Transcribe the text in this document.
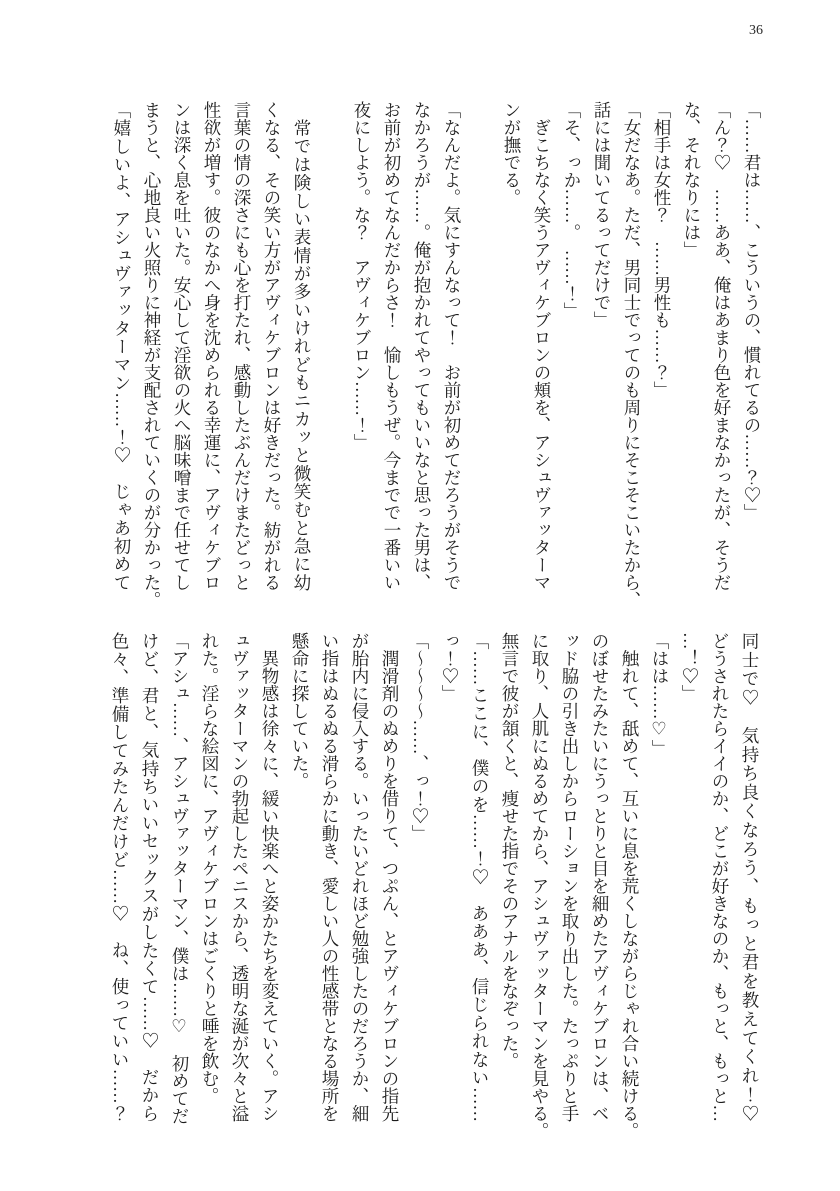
36
「……君は……、こういうの、慣れてるの……？♡」
「ん？♡　……ああ、俺はあまり色を好まなかったが、そうだ
な、それなりには」
「相手は女性？　……男性も……？」
「女だなあ。ただ、男同士でってのも周りにそこそこいたから、
話には聞いてるってだけで」
「そ、っか……。　……！」
　ぎこちなく笑うアヴィケブロンの頬を、アシュヴァッターマ
ンが撫でる。
「なんだよ。気にすんなって！　お前が初めてだろうがそうで
なかろうが……。俺が抱かれてやってもいいなと思った男は、
お前が初めてなんだからさ！　愉しもうぜ。今までで一番いい
夜にしよう。な？　アヴィケブロン……！」
　常では険しい表情が多いけれどもニカッと微笑むと急に幼
くなる、その笑い方がアヴィケブロンは好きだった。紡がれる
言葉の情の深さにも心を打たれ、感動したぶんだけまたどっと
性欲が増す。彼のなかへ身を沈められる幸運に、アヴィケブロ
ンは深く息を吐いた。安心して淫欲の火へ脳味噌まで任せてし
まうと、心地良い火照りに神経が支配されていくのが分かった。
「嬉しいよ、アシュヴァッターマン……！♡　じゃあ初めて
同士で♡　気持ち良くなろう、もっと君を教えてくれ！♡
どうされたらイイのか、どこが好きなのか、もっと、もっと…
…！♡」
「はは……♡」
　触れて、舐めて、互いに息を荒くしながらじゃれ合い続ける。
のぼせたみたいにうっとりと目を細めたアヴィケブロンは、ベ
ッド脇の引き出しからローションを取り出した。たっぷりと手
に取り、人肌にぬるめてから、アシュヴァッターマンを見やる。
無言で彼が頷くと、痩せた指でそのアナルをなぞった。
「……ここに、僕のを……！♡　あああ、信じられない……
っ！♡」
「〜〜〜〜……、っ！♡」
　潤滑剤のぬめりを借りて、つぷん、とアヴィケブロンの指先
が胎内に侵入する。いったいどれほど勉強したのだろうか、細
い指はぬるぬる滑らかに動き、愛しい人の性感帯となる場所を
懸命に探していた。
　異物感は徐々に、緩い快楽へと姿かたちを変えていく。アシ
ュヴァッターマンの勃起したペニスから、透明な涎が次々と溢
れた。淫らな絵図に、アヴィケブロンはごくりと唾を飲む。
「アシュ……、アシュヴァッターマン、僕は……♡　初めてだ
けど、君と、気持ちいいセックスがしたくて……♡　だから
色々、準備してみたんだけど……♡　ね、使っていい……？
